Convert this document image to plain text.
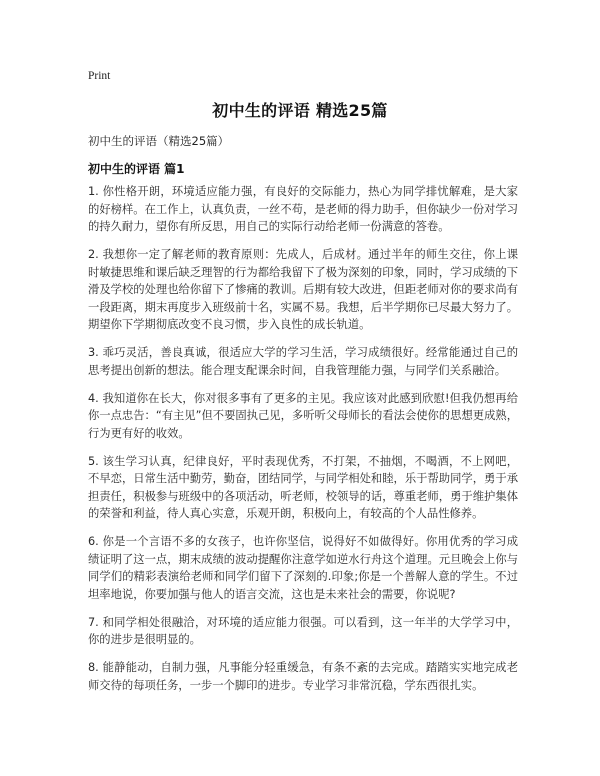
Print
初中生的评语 精选25篇
初中生的评语（精选25篇）
初中生的评语 篇1

1. 你性格开朗，环境适应能力强，有良好的交际能力，热心为同学排忧解难，是大家的好榜样。在工作上，认真负责，一丝不苟，是老师的得力助手，但你缺少一份对学习的持久耐力，望你有所反思，用自己的实际行动给老师一份满意的答卷。

2. 我想你一定了解老师的教育原则：先成人，后成材。通过半年的师生交往，你上课时敏捷思维和课后缺乏理智的行为都给我留下了极为深刻的印象，同时，学习成绩的下滑及学校的处理也给你留下了惨痛的教训。后期有较大改进，但距老师对你的要求尚有一段距离，期末再度步入班级前十名，实属不易。我想，后半学期你已尽最大努力了。期望你下学期彻底改变不良习惯，步入良性的成长轨道。

3. 乖巧灵活，善良真诚，很适应大学的学习生活，学习成绩很好。经常能通过自己的思考提出创新的想法。能合理支配课余时间，自我管理能力强，与同学们关系融洽。

4. 我知道你在长大，你对很多事有了更多的主见。我应该对此感到欣慰!但我仍想再给你一点忠告：“有主见”但不要固执己见，多听听父母师长的看法会使你的思想更成熟，行为更有好的收效。

5. 该生学习认真，纪律良好，平时表现优秀，不打架，不抽烟，不喝酒，不上网吧，不早恋，日常生活中勤劳，勤奋，团结同学，与同学相处和睦，乐于帮助同学，勇于承担责任，积极参与班级中的各项活动，听老师，校领导的话，尊重老师，勇于维护集体的荣誉和利益，待人真心实意，乐观开朗，积极向上，有较高的个人品性修养。

6. 你是一个言语不多的女孩子，也许你坚信，说得好不如做得好。你用优秀的学习成绩证明了这一点，期末成绩的波动提醒你注意学如逆水行舟这个道理。元旦晚会上你与同学们的精彩表演给老师和同学们留下了深刻的.印象;你是一个善解人意的学生。不过坦率地说，你要加强与他人的语言交流，这也是未来社会的需要，你说呢?

7. 和同学相处很融洽，对环境的适应能力很强。可以看到，这一年半的大学学习中，你的进步是很明显的。

8. 能静能动，自制力强，凡事能分轻重缓急，有条不紊的去完成。踏踏实实地完成老师交待的每项任务，一步一个脚印的进步。专业学习非常沉稳，学东西很扎实。
